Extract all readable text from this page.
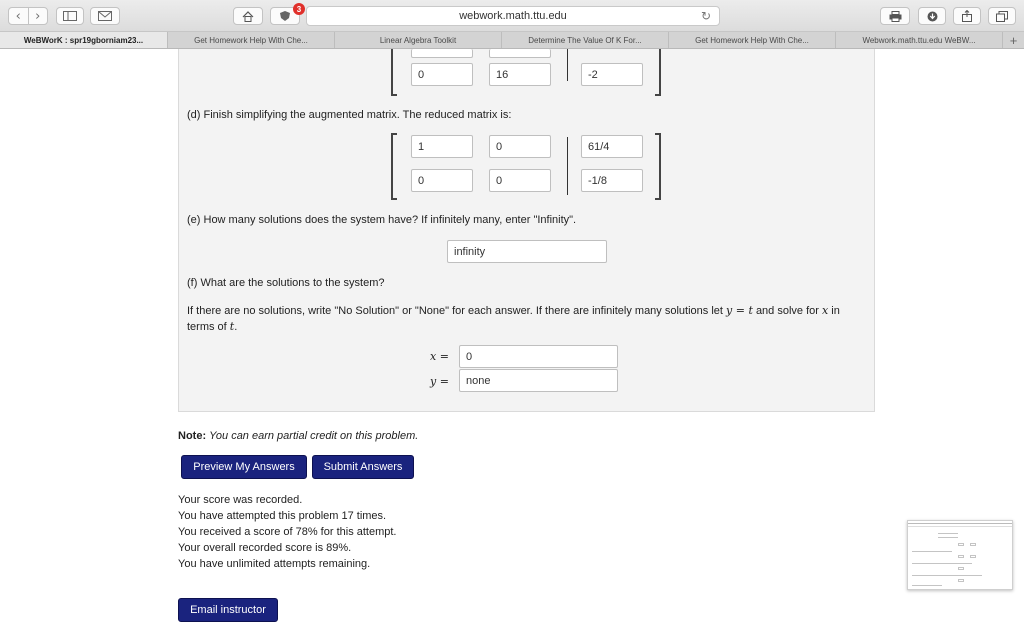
‹	›	3
webwork.math.ttu.edu	↻
WeBWorK : spr19gborniam23...	Get Homework Help With Che...	Linear Algebra Toolkit	Determine The Value Of K For...	Get Homework Help With Che...	Webwork.math.ttu.edu WeBW...	+
0	16	-2
(d) Finish simplifying the augmented matrix. The reduced matrix is:
1	0	61/4
0	0	-1/8
(e) How many solutions does the system have? If infinitely many, enter "Infinity".
infinity
(f) What are the solutions to the system?
If there are no solutions, write "No Solution" or "None" for each answer. If there are infinitely many solutions let y = t and solve for x in
terms of t.
x =	0
y =	none
Note: You can earn partial credit on this problem.
Preview My Answers	Submit Answers
Your score was recorded.
You have attempted this problem 17 times.
You received a score of 78% for this attempt.
Your overall recorded score is 89%.
You have unlimited attempts remaining.
Email instructor
